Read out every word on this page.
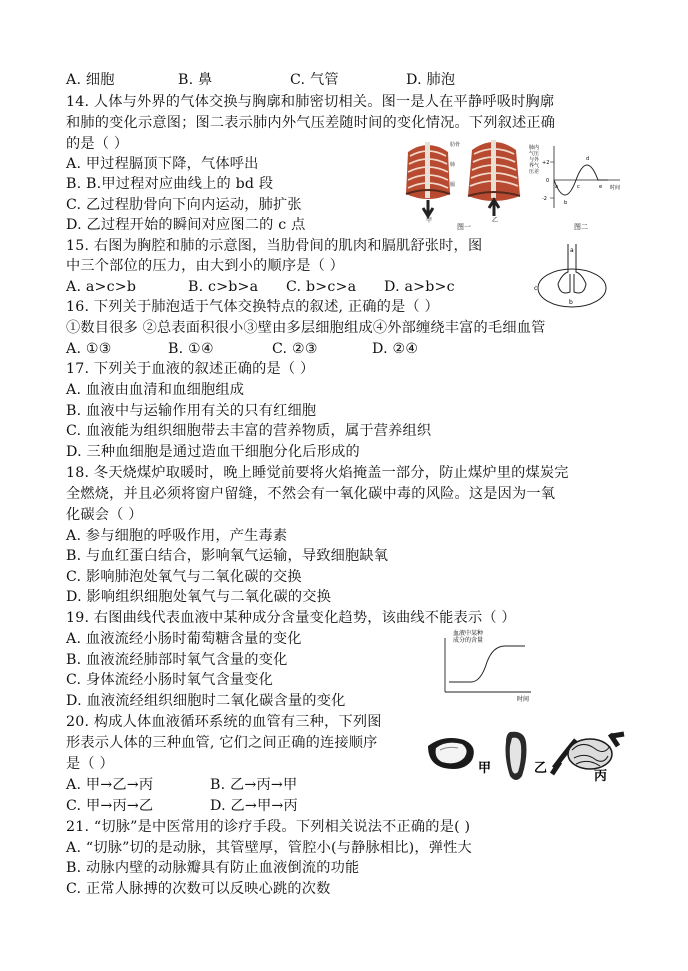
A. 细胞	B. 鼻	C. 气管	D. 肺泡
14. 人体与外界的气体交换与胸廓和肺密切相关。图一是人在平静呼吸时胸廓
和肺的变化示意图；图二表示肺内外气压差随时间的变化情况。下列叙述正确
的是（ ）
A. 甲过程膈顶下降，气体呼出
B. B.甲过程对应曲线上的 bd 段
C. 乙过程肋骨向下向内运动，肺扩张
D. 乙过程开始的瞬间对应图二的 c 点
肋骨
肺
膈
甲	乙
图一
肺内
气压
与外
界气
压差
+2
0
-2
a
b
c
d
e 时间
图二
15. 右图为胸腔和肺的示意图，当肋骨间的肌肉和膈肌舒张时，图
中三个部位的压力，由大到小的顺序是（ ）
A. a>c>b	B. c>b>a C. b>c>a D. a>b>c
a
b
c
16. 下列关于肺泡适于气体交换特点的叙述, 正确的是（ ）
①数目很多 ②总表面积很小③壁由多层细胞组成④外部缠绕丰富的毛细血管
A. ①③	B. ①④	C. ②③	D. ②④
17. 下列关于血液的叙述正确的是（ ）
A. 血液由血清和血细胞组成
B. 血液中与运输作用有关的只有红细胞
C. 血液能为组织细胞带去丰富的营养物质，属于营养组织
D. 三种血细胞是通过造血干细胞分化后形成的
18. 冬天烧煤炉取暖时，晚上睡觉前要将火焰掩盖一部分，防止煤炉里的煤炭完
全燃烧，并且必须将窗户留缝，不然会有一氧化碳中毒的风险。这是因为一氧
化碳会（ ）
A. 参与细胞的呼吸作用，产生毒素
B. 与血红蛋白结合，影响氧气运输，导致细胞缺氧
C. 影响肺泡处氧气与二氧化碳的交换
D. 影响组织细胞处氧气与二氧化碳的交换
19. 右图曲线代表血液中某种成分含量变化趋势，该曲线不能表示（ ）
A. 血液流经小肠时葡萄糖含量的变化
B. 血液流经肺部时氧气含量的变化
C. 身体流经小肠时氧气含量变化
D. 血液流经组织细胞时二氧化碳含量的变化
血液中某种
成分的含量
时间
20. 构成人体血液循环系统的血管有三种，下列图
形表示人体的三种血管, 它们之间正确的连接顺序
是（ ）
A. 甲→乙→丙	B. 乙→丙→甲
C. 甲→丙→乙	D. 乙→甲→丙
甲	乙
丙
21. “切脉”是中医常用的诊疗手段。下列相关说法不正确的是( )
A. “切脉”切的是动脉，其管壁厚，管腔小(与静脉相比)，弹性大
B. 动脉内壁的动脉瓣具有防止血液倒流的功能
C. 正常人脉搏的次数可以反映心跳的次数
